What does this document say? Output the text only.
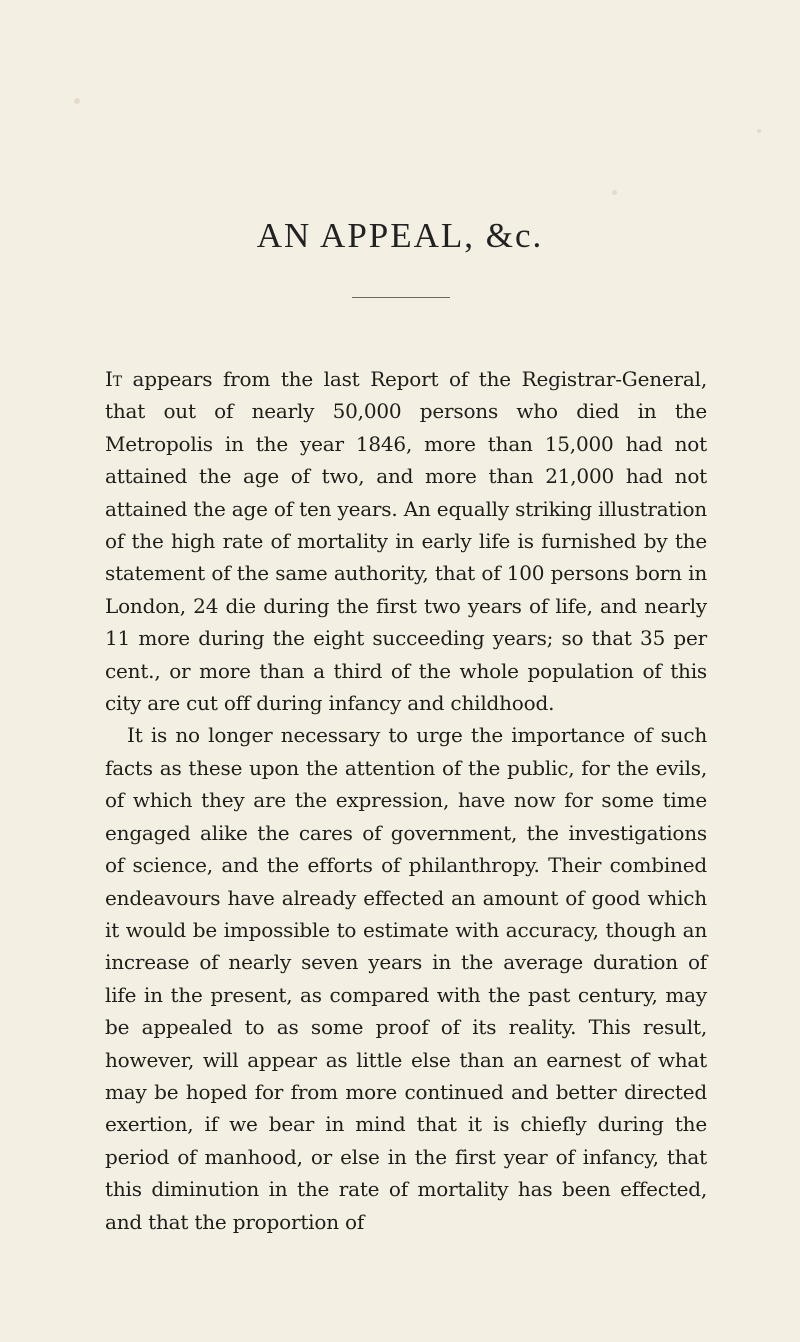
AN APPEAL, &c.

It appears from the last Report of the Registrar-General, that out of nearly 50,000 persons who died in the Metropolis in the year 1846, more than 15,000 had not attained the age of two, and more than 21,000 had not attained the age of ten years. An equally striking illustration of the high rate of mortality in early life is furnished by the statement of the same authority, that of 100 persons born in London, 24 die during the first two years of life, and nearly 11 more during the eight succeeding years; so that 35 per cent., or more than a third of the whole population of this city are cut off during infancy and childhood.

It is no longer necessary to urge the importance of such facts as these upon the attention of the public, for the evils, of which they are the expression, have now for some time engaged alike the cares of government, the investigations of science, and the efforts of philanthropy. Their combined endeavours have already effected an amount of good which it would be impossible to estimate with accuracy, though an increase of nearly seven years in the average duration of life in the present, as compared with the past century, may be appealed to as some proof of its reality. This result, however, will appear as little else than an earnest of what may be hoped for from more continued and better directed exertion, if we bear in mind that it is chiefly during the period of manhood, or else in the first year of infancy, that this diminution in the rate of mortality has been effected, and that the proportion of
